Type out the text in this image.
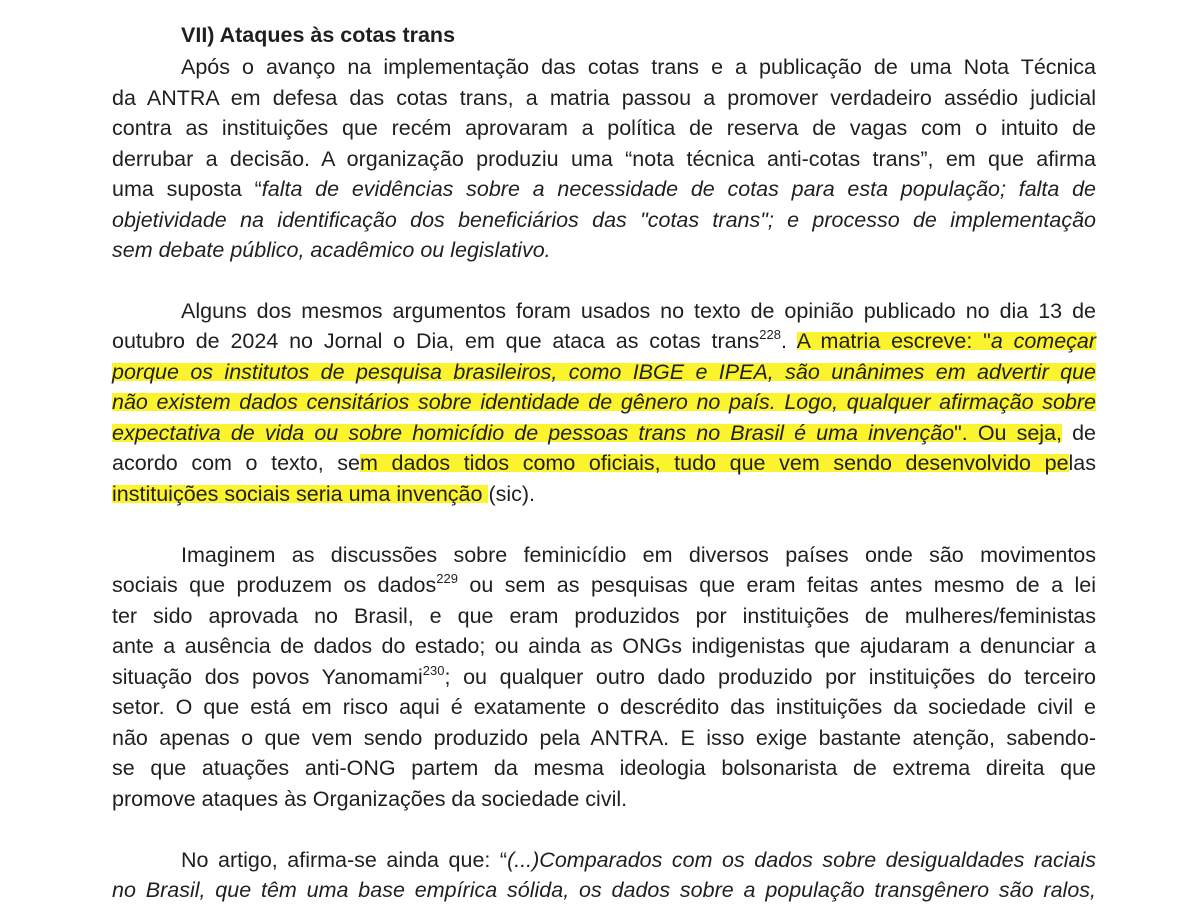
VII) Ataques às cotas trans
Após o avanço na implementação das cotas trans e a publicação de uma Nota Técnica
da ANTRA em defesa das cotas trans, a matria passou a promover verdadeiro assédio judicial
contra as instituições que recém aprovaram a política de reserva de vagas com o intuito de
derrubar a decisão. A organização produziu uma “nota técnica anti-cotas trans”, em que afirma
uma suposta “falta de evidências sobre a necessidade de cotas para esta população; falta de
objetividade na identificação dos beneficiários das "cotas trans"; e processo de implementação
sem debate público, acadêmico ou legislativo.
Alguns dos mesmos argumentos foram usados no texto de opinião publicado no dia 13 de
outubro de 2024 no Jornal o Dia, em que ataca as cotas trans$^{228}$. A matria escreve: "a começar
porque os institutos de pesquisa brasileiros, como IBGE e IPEA, são unânimes em advertir que
não existem dados censitários sobre identidade de gênero no país. Logo, qualquer afirmação sobre
expectativa de vida ou sobre homicídio de pessoas trans no Brasil é uma invenção". Ou seja, de
acordo com o texto, sem dados tidos como oficiais, tudo que vem sendo desenvolvido pelas
instituições sociais seria uma invenção (sic).
Imaginem as discussões sobre feminicídio em diversos países onde são movimentos
sociais que produzem os dados$^{229}$ ou sem as pesquisas que eram feitas antes mesmo de a lei
ter sido aprovada no Brasil, e que eram produzidos por instituições de mulheres/feministas
ante a ausência de dados do estado; ou ainda as ONGs indigenistas que ajudaram a denunciar a
situação dos povos Yanomami$^{230}$; ou qualquer outro dado produzido por instituições do terceiro
setor. O que está em risco aqui é exatamente o descrédito das instituições da sociedade civil e
não apenas o que vem sendo produzido pela ANTRA. E isso exige bastante atenção, sabendo-
se que atuações anti-ONG partem da mesma ideologia bolsonarista de extrema direita que
promove ataques às Organizações da sociedade civil.
No artigo, afirma-se ainda que: “(...)Comparados com os dados sobre desigualdades raciais
no Brasil, que têm uma base empírica sólida, os dados sobre a população transgênero são ralos,
